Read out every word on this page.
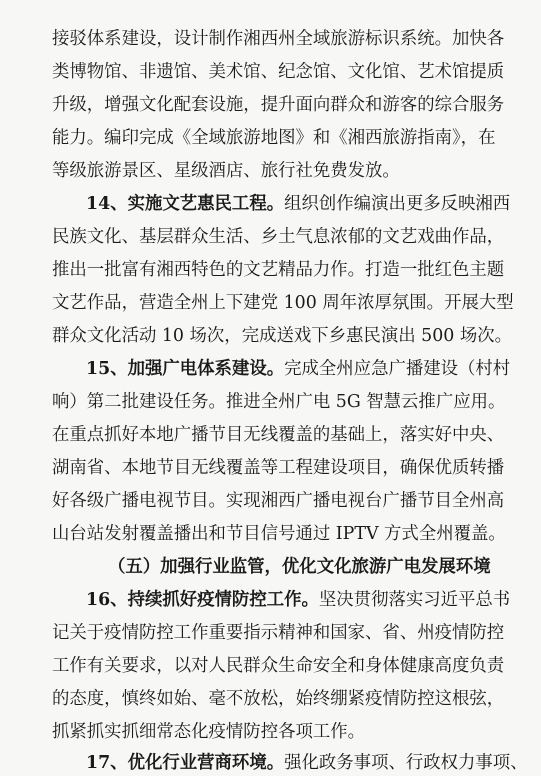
接驳体系建设，设计制作湘西州全域旅游标识系统。加快各
类博物馆、非遗馆、美术馆、纪念馆、文化馆、艺术馆提质
升级，增强文化配套设施，提升面向群众和游客的综合服务
能力。编印完成《全域旅游地图》和《湘西旅游指南》，在
等级旅游景区、星级酒店、旅行社免费发放。
14、实施文艺惠民工程。组织创作编演出更多反映湘西
民族文化、基层群众生活、乡土气息浓郁的文艺戏曲作品，
推出一批富有湘西特色的文艺精品力作。打造一批红色主题
文艺作品，营造全州上下建党 100 周年浓厚氛围。开展大型
群众文化活动 10 场次，完成送戏下乡惠民演出 500 场次。
15、加强广电体系建设。完成全州应急广播建设（村村
响）第二批建设任务。推进全州广电 5G 智慧云推广应用。
在重点抓好本地广播节目无线覆盖的基础上，落实好中央、
湖南省、本地节目无线覆盖等工程建设项目，确保优质转播
好各级广播电视节目。实现湘西广播电视台广播节目全州高
山台站发射覆盖播出和节目信号通过 IPTV 方式全州覆盖。
（五）加强行业监管，优化文化旅游广电发展环境
16、持续抓好疫情防控工作。坚决贯彻落实习近平总书
记关于疫情防控工作重要指示精神和国家、省、州疫情防控
工作有关要求，以对人民群众生命安全和身体健康高度负责
的态度，慎终如始、毫不放松，始终绷紧疫情防控这根弦，
抓紧抓实抓细常态化疫情防控各项工作。
17、优化行业营商环境。强化政务事项、行政权力事项、
